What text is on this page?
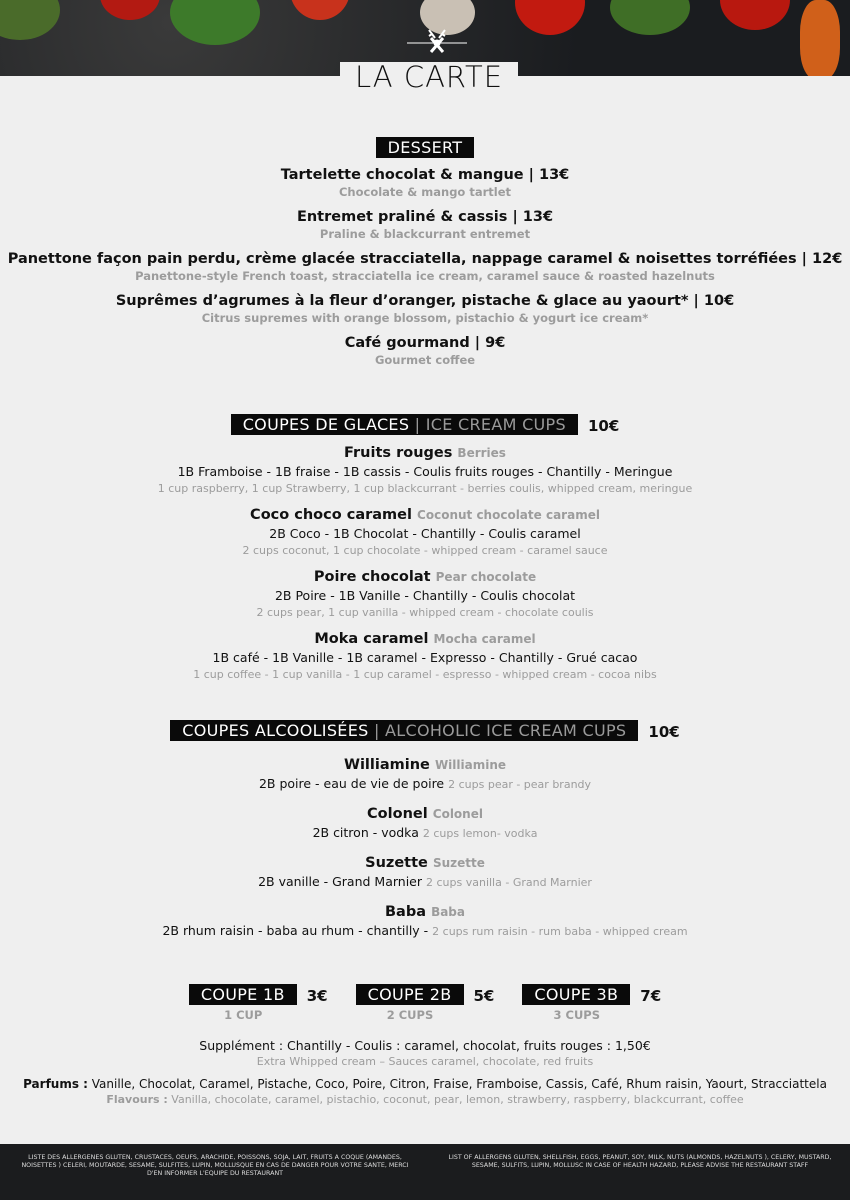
LA CARTE
DESSERT
Tartelette chocolat & mangue | 13€
Chocolate & mango tartlet
Entremet praliné & cassis | 13€
Praline & blackcurrant entremet
Panettone façon pain perdu, crème glacée stracciatella, nappage caramel & noisettes torréfiées | 12€
Panettone-style French toast, stracciatella ice cream, caramel sauce & roasted hazelnuts
Suprêmes d’agrumes à la fleur d’oranger, pistache & glace au yaourt* | 10€
Citrus supremes with orange blossom, pistachio & yogurt ice cream*
Café gourmand | 9€
Gourmet coffee
COUPES DE GLACES | ICE CREAM CUPS 10€
Fruits rouges Berries
1B Framboise - 1B fraise - 1B cassis - Coulis fruits rouges - Chantilly - Meringue
1 cup raspberry, 1 cup Strawberry, 1 cup blackcurrant - berries coulis, whipped cream, meringue
Coco choco caramel Coconut chocolate caramel
2B Coco - 1B Chocolat - Chantilly - Coulis caramel
2 cups coconut, 1 cup chocolate - whipped cream - caramel sauce
Poire chocolat Pear chocolate
2B Poire - 1B Vanille - Chantilly - Coulis chocolat
2 cups pear, 1 cup vanilla - whipped cream - chocolate coulis
Moka caramel Mocha caramel
1B café - 1B Vanille - 1B caramel - Expresso - Chantilly - Grué cacao
1 cup coffee - 1 cup vanilla - 1 cup caramel - espresso - whipped cream - cocoa nibs
COUPES ALCOOLISÉES | ALCOHOLIC ICE CREAM CUPS 10€
Williamine Williamine
2B poire - eau de vie de poire 2 cups pear - pear brandy
Colonel Colonel
2B citron - vodka 2 cups lemon- vodka
Suzette Suzette
2B vanille - Grand Marnier 2 cups vanilla - Grand Marnier
Baba Baba
2B rhum raisin - baba au rhum - chantilly - 2 cups rum raisin - rum baba - whipped cream
COUPE 1B 3€
1 CUP
COUPE 2B 5€
2 CUPS
COUPE 3B 7€
3 CUPS
Supplément : Chantilly - Coulis : caramel, chocolat, fruits rouges : 1,50€
Extra Whipped cream – Sauces caramel, chocolate, red fruits
Parfums : Vanille, Chocolat, Caramel, Pistache, Coco, Poire, Citron, Fraise, Framboise, Cassis, Café, Rhum raisin, Yaourt, Stracciattela
Flavours : Vanilla, chocolate, caramel, pistachio, coconut, pear, lemon, strawberry, raspberry, blackcurrant, coffee
LISTE DES ALLERGENES GLUTEN, CRUSTACES, OEUFS, ARACHIDE, POISSONS, SOJA, LAIT, FRUITS A COQUE (AMANDES, NOISETTES ) CELERI, MOUTARDE, SESAME, SULFITES, LUPIN, MOLLUSQUE EN CAS DE DANGER POUR VOTRE SANTE, MERCI D'EN INFORMER L'EQUIPE DU RESTAURANT
LIST OF ALLERGENS GLUTEN, SHELLFISH, EGGS, PEANUT, SOY, MILK, NUTS (ALMONDS, HAZELNUTS ), CELERY, MUSTARD, SESAME, SULFITS, LUPIN, MOLLUSC IN CASE OF HEALTH HAZARD, PLEASE ADVISE THE RESTAURANT STAFF
